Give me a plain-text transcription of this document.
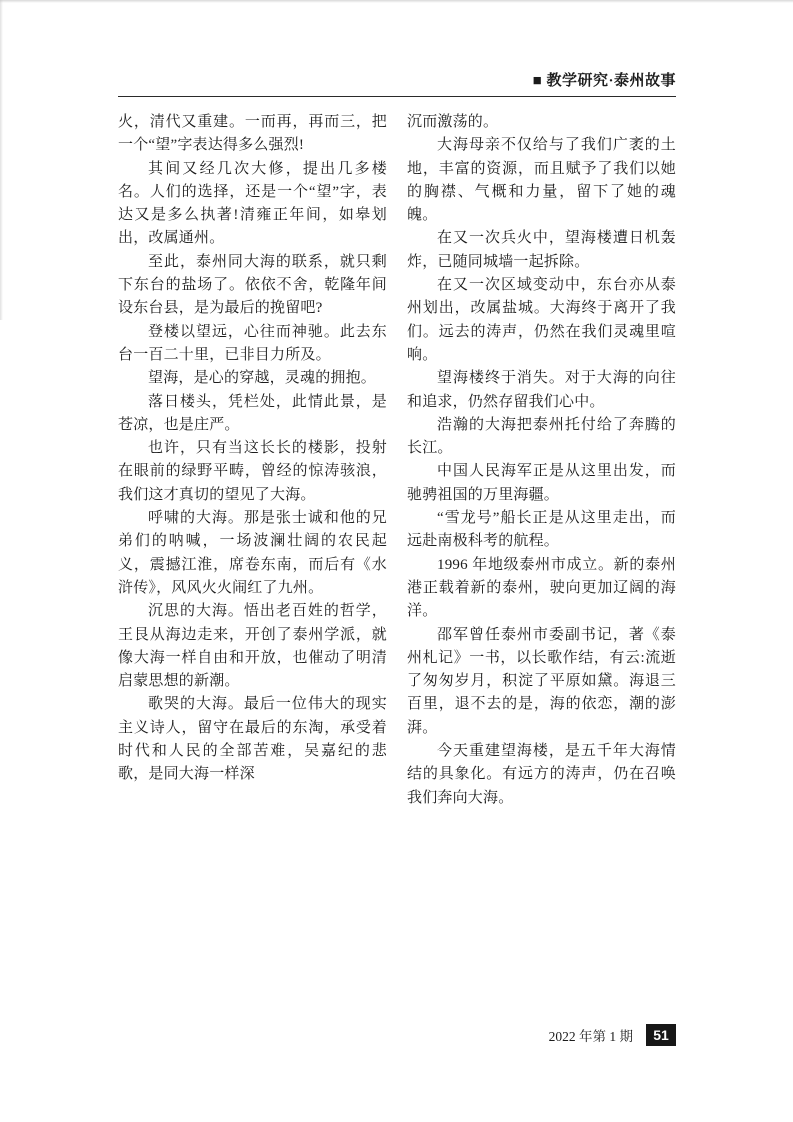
■ 教学研究·泰州故事

火，清代又重建。一而再，再而三，把一个“望”字表达得多么强烈!

其间又经几次大修，提出几多楼名。人们的选择，还是一个“望”字，表达又是多么执著!清雍正年间，如皋划出，改属通州。

至此，泰州同大海的联系，就只剩下东台的盐场了。依依不舍，乾隆年间设东台县，是为最后的挽留吧?

登楼以望远，心往而神驰。此去东台一百二十里，已非目力所及。

望海，是心的穿越，灵魂的拥抱。

落日楼头，凭栏处，此情此景，是苍凉，也是庄严。

也许，只有当这长长的楼影，投射在眼前的绿野平畴，曾经的惊涛骇浪，我们这才真切的望见了大海。

呼啸的大海。那是张士诚和他的兄弟们的呐喊，一场波澜壮阔的农民起义，震撼江淮，席卷东南，而后有《水浒传》，风风火火闹红了九州。

沉思的大海。悟出老百姓的哲学，王艮从海边走来，开创了泰州学派，就像大海一样自由和开放，也催动了明清启蒙思想的新潮。

歌哭的大海。最后一位伟大的现实主义诗人，留守在最后的东淘，承受着时代和人民的全部苦难，吴嘉纪的悲歌，是同大海一样深

沉而激荡的。

大海母亲不仅给与了我们广袤的土地，丰富的资源，而且赋予了我们以她的胸襟、气概和力量，留下了她的魂魄。

在又一次兵火中，望海楼遭日机轰炸，已随同城墙一起拆除。

在又一次区域变动中，东台亦从泰州划出，改属盐城。大海终于离开了我们。远去的涛声，仍然在我们灵魂里喧响。

望海楼终于消失。对于大海的向往和追求，仍然存留我们心中。

浩瀚的大海把泰州托付给了奔腾的长江。

中国人民海军正是从这里出发，而驰骋祖国的万里海疆。

“雪龙号”船长正是从这里走出，而远赴南极科考的航程。

1996 年地级泰州市成立。新的泰州港正载着新的泰州，驶向更加辽阔的海洋。

邵军曾任泰州市委副书记，著《泰州札记》一书，以长歌作结，有云:流逝了匆匆岁月，积淀了平原如黛。海退三百里，退不去的是，海的依恋，潮的澎湃。

今天重建望海楼，是五千年大海情结的具象化。有远方的涛声，仍在召唤我们奔向大海。

2022 年第 1 期	51
